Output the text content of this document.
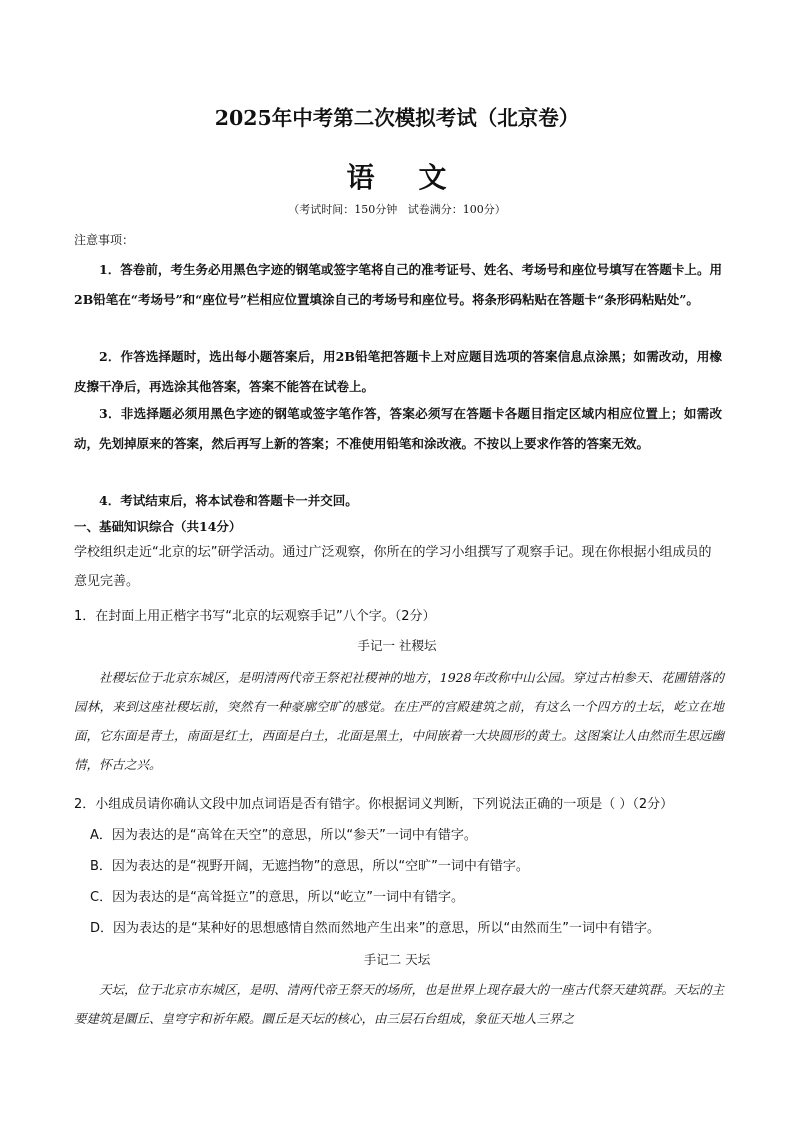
2025年中考第二次模拟考试（北京卷）
语    文
（考试时间：150分钟   试卷满分：100分）
注意事项：
1．答卷前，考生务必用黑色字迹的钢笔或签字笔将自己的准考证号、姓名、考场号和座位号填写在答题卡上。用2B铅笔在“考场号”和“座位号”栏相应位置填涂自己的考场号和座位号。将条形码粘贴在答题卡“条形码粘贴处”。
2．作答选择题时，选出每小题答案后，用2B铅笔把答题卡上对应题目选项的答案信息点涂黑；如需改动，用橡皮擦干净后，再选涂其他答案，答案不能答在试卷上。
3．非选择题必须用黑色字迹的钢笔或签字笔作答，答案必须写在答题卡各题目指定区域内相应位置上；如需改动，先划掉原来的答案，然后再写上新的答案；不准使用铅笔和涂改液。不按以上要求作答的答案无效。
4．考试结束后，将本试卷和答题卡一并交回。
一、基础知识综合（共14分）
学校组织走近“北京的坛”研学活动。通过广泛观察，你所在的学习小组撰写了观察手记。现在你根据小组成员的意见完善。
1．在封面上用正楷字书写“北京的坛观察手记”八个字。（2分）
手记一 社稷坛
社稷坛位于北京东城区，是明清两代帝王祭祀社稷神的地方，1928年改称中山公园。穿过古柏参天、花圃错落的园林，来到这座社稷坛前，突然有一种豪廓空旷的感觉。在庄严的宫殿建筑之前，有这么一个四方的土坛，屹立在地面，它东面是青土，南面是红土，西面是白土，北面是黑土，中间嵌着一大块圆形的黄土。这图案让人由然而生思远幽情，怀古之兴。
2．小组成员请你确认文段中加点词语是否有错字。你根据词义判断，下列说法正确的一项是（ ）（2分）
A．因为表达的是“高耸在天空”的意思，所以“参天”一词中有错字。
B．因为表达的是“视野开阔，无遮挡物”的意思，所以“空旷”一词中有错字。
C．因为表达的是“高耸挺立”的意思，所以“屹立”一词中有错字。
D．因为表达的是“某种好的思想感情自然而然地产生出来”的意思，所以“由然而生”一词中有错字。
手记二 天坛
天坛，位于北京市东城区，是明、清两代帝王祭天的场所，也是世界上现存最大的一座古代祭天建筑群。天坛的主要建筑是圜丘、皇穹宇和祈年殿。圜丘是天坛的核心，由三层石台组成，象征天地人三界之
